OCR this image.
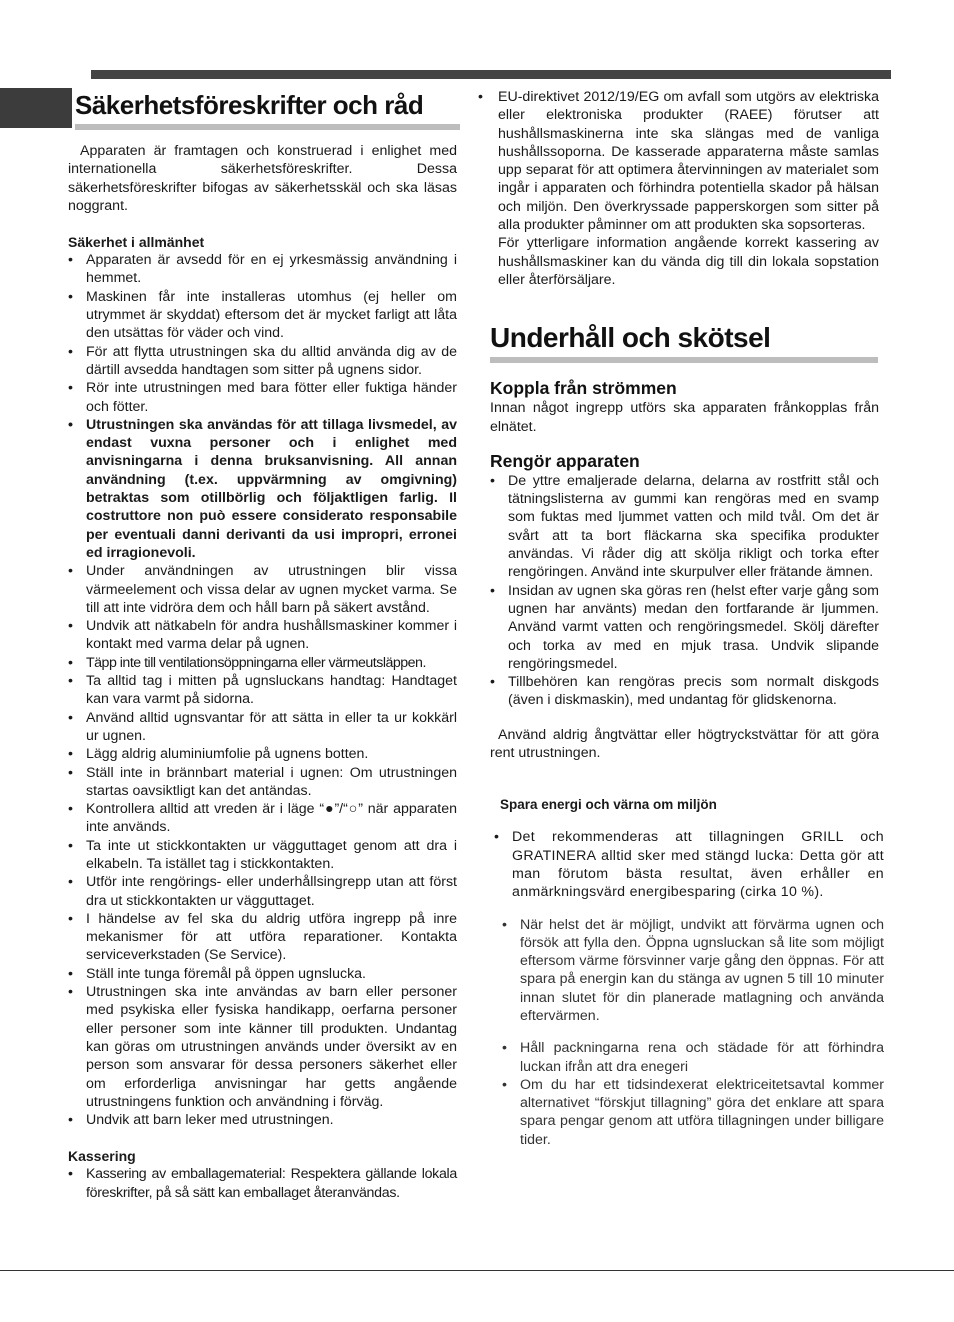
Säkerhetsföreskrifter och råd

Apparaten är framtagen och konstruerad i enlighet med internationella säkerhetsföreskrifter. Dessa säkerhetsföreskrifter bifogas av säkerhetsskäl och ska läsas noggrant.

Säkerhet i allmänhet

• Apparaten är avsedd för en ej yrkesmässig användning i hemmet.
• Maskinen får inte installeras utomhus (ej heller om utrymmet är skyddat) eftersom det är mycket farligt att låta den utsättas för väder och vind.
• För att flytta utrustningen ska du alltid använda dig av de därtill avsedda handtagen som sitter på ugnens sidor.
• Rör inte utrustningen med bara fötter eller fuktiga händer och fötter.
• Utrustningen ska användas för att tillaga livsmedel, av endast vuxna personer och i enlighet med anvisningarna i denna bruksanvisning. All annan användning (t.ex. uppvärmning av omgivning) betraktas som otillbörlig och följaktligen farlig. Il costruttore non può essere considerato responsabile per eventuali danni derivanti da usi impropri, erronei ed irragionevoli.
• Under användningen av utrustningen blir vissa värmeelement och vissa delar av ugnen mycket varma. Se till att inte vidröra dem och håll barn på säkert avstånd.
• Undvik att nätkabeln för andra hushållsmaskiner kommer i kontakt med varma delar på ugnen.
• Täpp inte till ventilationsöppningarna eller värmeutsläppen.
• Ta alltid tag i mitten på ugnsluckans handtag: Handtaget kan vara varmt på sidorna.
• Använd alltid ugnsvantar för att sätta in eller ta ur kokkärl ur ugnen.
• Lägg aldrig aluminiumfolie på ugnens botten.
• Ställ inte in brännbart material i ugnen: Om utrustningen startas oavsiktligt kan det antändas.
• Kontrollera alltid att vreden är i läge “●”/“○” när apparaten inte används.
• Ta inte ut stickkontakten ur vägguttaget genom att dra i elkabeln. Ta istället tag i stickkontakten.
• Utför inte rengörings- eller underhållsingrepp utan att först dra ut stickkontakten ur vägguttaget.
• I händelse av fel ska du aldrig utföra ingrepp på inre mekanismer för att utföra reparationer. Kontakta serviceverkstaden (Se Service).
• Ställ inte tunga föremål på öppen ugnslucka.
• Utrustningen ska inte användas av barn eller personer med psykiska eller fysiska handikapp, oerfarna personer eller personer som inte känner till produkten. Undantag kan göras om utrustningen används under översikt av en person som ansvarar för dessa personers säkerhet eller om erforderliga anvisningar har getts angående utrustningens funktion och användning i förväg.
• Undvik att barn leker med utrustningen.

Kassering

• Kassering av emballagematerial: Respektera gällande lokala föreskrifter, på så sätt kan emballaget återanvändas.
• EU-direktivet 2012/19/EG om avfall som utgörs av elektriska eller elektroniska produkter (RAEE) förutser att hushållsmaskinerna inte ska slängas med de vanliga hushållssoporna. De kasserade apparaterna måste samlas upp separat för att optimera återvinningen av materialet som ingår i apparaten och förhindra potentiella skador på hälsan och miljön. Den överkryssade papperskorgen som sitter på alla produkter påminner om att produkten ska sopsorteras.
För ytterligare information angående korrekt kassering av hushållsmaskiner kan du vända dig till din lokala sopstation eller återförsäljare.
Underhåll och skötsel

Koppla från strömmen

Innan något ingrepp utförs ska apparaten frånkopplas från elnätet.

Rengör apparaten

• De yttre emaljerade delarna, delarna av rostfritt stål och tätningslisterna av gummi kan rengöras med en svamp som fuktas med ljummet vatten och mild tvål. Om det är svårt att ta bort fläckarna ska specifika produkter användas. Vi råder dig att skölja rikligt och torka efter rengöringen. Använd inte skurpulver eller frätande ämnen.
• Insidan av ugnen ska göras ren (helst efter varje gång som ugnen har använts) medan den fortfarande är ljummen. Använd varmt vatten och rengöringsmedel. Skölj därefter och torka av med en mjuk trasa. Undvik slipande rengöringsmedel.
• Tillbehören kan rengöras precis som normalt diskgods (även i diskmaskin), med undantag för glidskenorna.

Använd aldrig ångtvättar eller högtryckstvättar för att göra rent utrustningen.

Spara energi och värna om miljön

• Det rekommenderas att tillagningen GRILL och GRATINERA alltid sker med stängd lucka: Detta gör att man förutom bästa resultat, även erhåller en anmärkningsvärd energibesparing (cirka 10 %).
• När helst det är möjligt, undvikt att förvärma ugnen och försök att fylla den. Öppna ugnsluckan så lite som möjligt eftersom värme försvinner varje gång den öppnas. För att spara på energin kan du stänga av ugnen 5 till 10 minuter innan slutet för din planerade matlagning och använda eftervärmen.
• Håll packningarna rena och städade för att förhindra luckan ifrån att dra enegeri
• Om du har ett tidsindexerat elektriceitetsavtal kommer alternativet “förskjut tillagning” göra det enklare att spara spara pengar genom att utföra tillagningen under billigare tider.
